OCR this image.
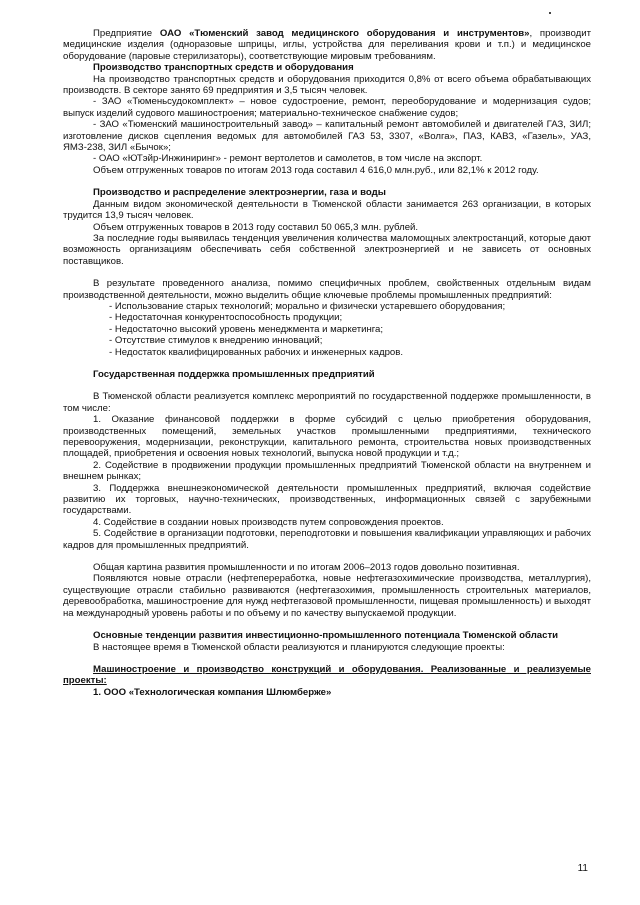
Предприятие ОАО «Тюменский завод медицинского оборудования и инструментов», производит медицинские изделия (одноразовые шприцы, иглы, устройства для переливания крови и т.п.) и медицинское оборудование (паровые стерилизаторы), соответствующие мировым требованиям.

Производство транспортных средств и оборудования

На производство транспортных средств и оборудования приходится 0,8% от всего объема обрабатывающих производств. В секторе занято 69 предприятия и 3,5 тысяч человек.

- ЗАО «Тюменьсудокомплект» – новое судостроение, ремонт, переоборудование и модернизация судов; выпуск изделий судового машиностроения; материально-техническое снабжение судов;

- ЗАО «Тюменский машиностроительный завод» – капитальный ремонт автомобилей и двигателей ГАЗ, ЗИЛ; изготовление дисков сцепления ведомых для автомобилей ГАЗ 53, 3307, «Волга», ПАЗ, КАВЗ, «Газель», УАЗ, ЯМЗ-238, ЗИЛ «Бычок»;

- ОАО «ЮТэйр-Инжиниринг» - ремонт вертолетов и самолетов, в том числе на экспорт.

Объем отгруженных товаров по итогам 2013 года составил 4 616,0 млн.руб., или 82,1% к 2012 году.

Производство и распределение электроэнергии, газа и воды

Данным видом экономической деятельности в Тюменской области занимается 263 организации, в которых трудится 13,9 тысяч человек.

Объем отгруженных товаров в 2013 году составил 50 065,3 млн. рублей.

За последние годы выявилась тенденция увеличения количества маломощных электростанций, которые дают возможность организациям обеспечивать себя собственной электроэнергией и не зависеть от основных поставщиков.

В результате проведенного анализа, помимо специфичных проблем, свойственных отдельным видам производственной деятельности, можно выделить общие ключевые проблемы промышленных предприятий:

- Использование старых технологий; морально и физически устаревшего оборудования;

- Недостаточная конкурентоспособность продукции;

- Недостаточно высокий уровень менеджмента и маркетинга;

- Отсутствие стимулов к внедрению инноваций;

- Недостаток квалифицированных рабочих и инженерных кадров.

Государственная поддержка промышленных предприятий

В Тюменской области реализуется комплекс мероприятий по государственной поддержке промышленности, в том числе:

1. Оказание финансовой поддержки в форме субсидий с целью приобретения оборудования, производственных помещений, земельных участков промышленными предприятиями, технического перевооружения, модернизации, реконструкции, капитального ремонта, строительства новых производственных площадей, приобретения и освоения новых технологий, выпуска новой продукции и т.д.;

2. Содействие в продвижении продукции промышленных предприятий Тюменской области на внутреннем и внешнем рынках;

3. Поддержка внешнеэкономической деятельности промышленных предприятий, включая содействие развитию их торговых, научно-технических, производственных, информационных связей с зарубежными государствами.

4. Содействие в создании новых производств путем сопровождения проектов.

5. Содействие в организации подготовки, переподготовки и повышения квалификации управляющих и рабочих кадров для промышленных предприятий.

Общая картина развития промышленности и по итогам 2006–2013 годов довольно позитивная.

Появляются новые отрасли (нефтепереработка, новые нефтегазохимические производства, металлургия), существующие отрасли стабильно развиваются (нефтегазохимия, промышленность строительных материалов, деревообработка, машиностроение для нужд нефтегазовой промышленности, пищевая промышленность) и выходят на международный уровень работы и по объему и по качеству выпускаемой продукции.

Основные тенденции развития инвестиционно-промышленного потенциала Тюменской области

В настоящее время в Тюменской области реализуются и планируются следующие проекты:

Машиностроение и производство конструкций и оборудования. Реализованные и реализуемые проекты:

1. ООО «Технологическая компания Шлюмберже»

11
